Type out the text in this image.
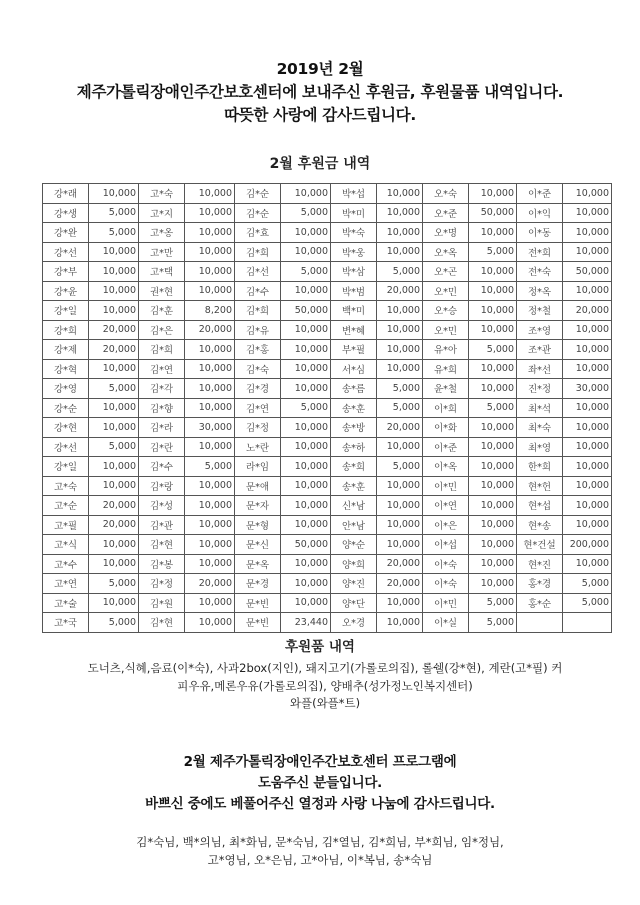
2019년 2월
제주가톨릭장애인주간보호센터에 보내주신 후원금, 후원물품 내역입니다.
따뜻한 사랑에 감사드립니다.
2월 후원금 내역
강*래	10,000	고*숙	10,000	김*순	10,000	박*섭	10,000	오*숙	10,000	이*준	10,000
강*생	5,000	고*지	10,000	김*순	5,000	박*미	10,000	오*준	50,000	이*익	10,000
강*완	5,000	고*옹	10,000	김*효	10,000	박*숙	10,000	오*명	10,000	이*동	10,000
강*선	10,000	고*만	10,000	김*희	10,000	박*웅	10,000	오*옥	5,000	전*희	10,000
강*부	10,000	고*택	10,000	김*선	5,000	박*삼	5,000	오*곤	10,000	전*숙	50,000
강*윤	10,000	권*현	10,000	김*수	10,000	박*범	20,000	오*민	10,000	정*옥	10,000
강*일	10,000	김*훈	8,200	김*희	50,000	백*미	10,000	오*승	10,000	정*철	20,000
강*희	20,000	김*은	20,000	김*유	10,000	변*혜	10,000	오*민	10,000	조*영	10,000
강*제	20,000	김*희	10,000	김*홍	10,000	부*필	10,000	유*아	5,000	조*관	10,000
강*혁	10,000	김*연	10,000	김*숙	10,000	서*심	10,000	유*희	10,000	좌*선	10,000
강*영	5,000	김*각	10,000	김*경	10,000	송*름	5,000	윤*철	10,000	진*정	30,000
강*순	10,000	김*향	10,000	김*연	5,000	송*훈	5,000	이*희	5,000	최*석	10,000
강*현	10,000	김*라	30,000	김*정	10,000	송*방	20,000	이*화	10,000	최*숙	10,000
강*선	5,000	김*란	10,000	노*란	10,000	송*하	10,000	이*준	10,000	최*영	10,000
강*일	10,000	김*수	5,000	라*임	10,000	송*희	5,000	이*옥	10,000	한*희	10,000
고*숙	10,000	김*랑	10,000	문*애	10,000	송*훈	10,000	이*민	10,000	현*헌	10,000
고*순	20,000	김*성	10,000	문*자	10,000	신*남	10,000	이*연	10,000	현*섭	10,000
고*필	20,000	김*관	10,000	문*형	10,000	안*남	10,000	이*은	10,000	현*송	10,000
고*식	10,000	김*현	10,000	문*신	50,000	양*순	10,000	이*섭	10,000	현*건설	200,000
고*수	10,000	김*봉	10,000	문*옥	10,000	양*희	20,000	이*숙	10,000	현*진	10,000
고*연	5,000	김*정	20,000	문*경	10,000	양*진	20,000	이*숙	10,000	홍*경	5,000
고*술	10,000	김*원	10,000	문*빈	10,000	양*단	10,000	이*민	5,000	홍*순	5,000
고*국	5,000	김*현	10,000	문*빈	23,440	오*경	10,000	이*실	5,000		
후원품 내역
도너츠,식혜,음료(이*숙), 사과2box(지인), 돼지고기(가롤로의집), 롤쉘(강*현), 계란(고*필) 커
피우유,메론우유(가롤로의집), 양배추(성가정노인복지센터)
와플(와플*트)
2월 제주가톨릭장애인주간보호센터 프로그램에
도움주신 분들입니다.
바쁘신 중에도 베풀어주신 열정과 사랑 나눔에 감사드립니다.
김*숙님, 백*의님, 최*화님, 문*숙님, 김*열님, 김*희님, 부*희님, 임*정님,
고*영님, 오*은님, 고*아님, 이*복님, 송*숙님
